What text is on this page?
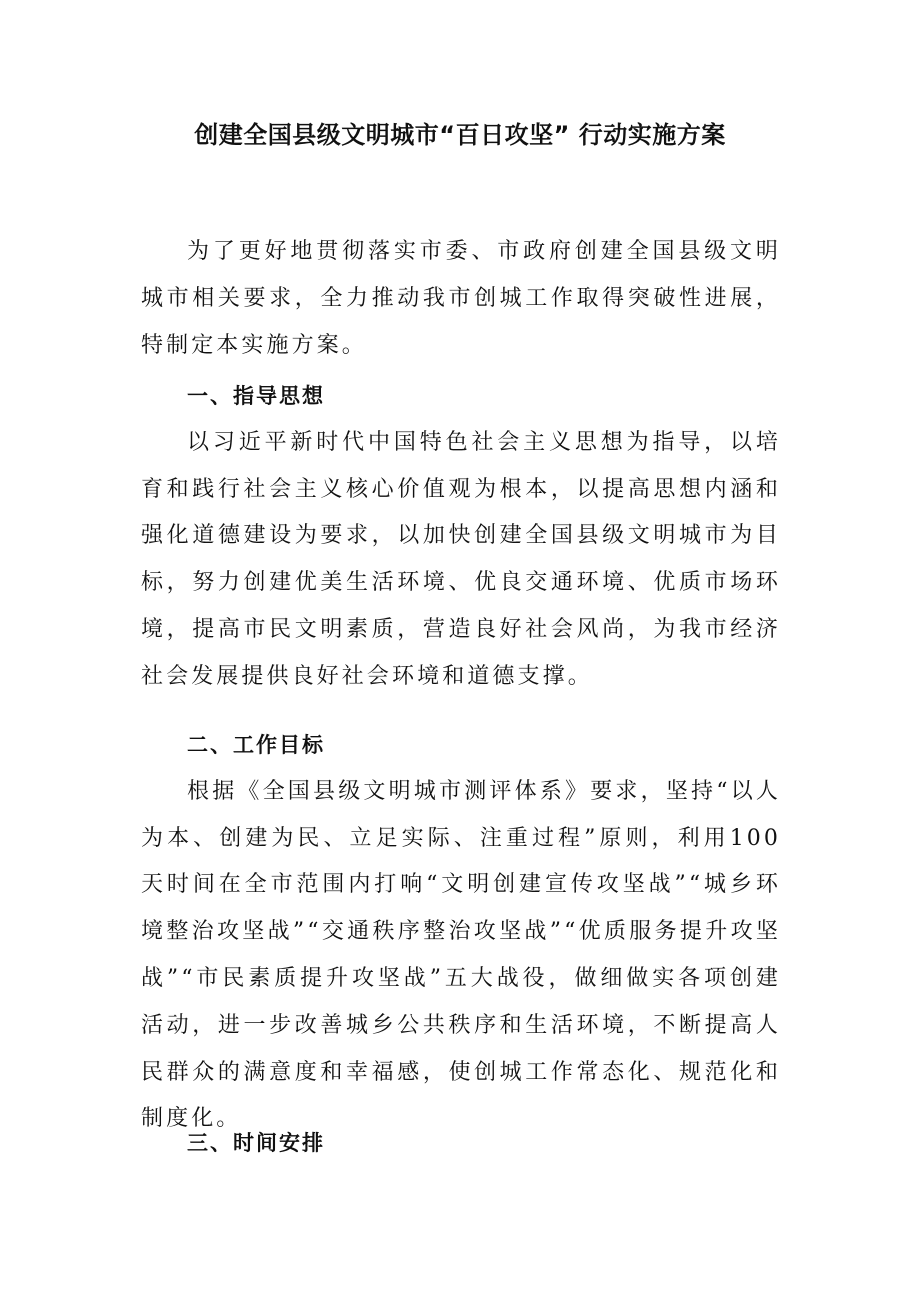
创建全国县级文明城市“百日攻坚” 行动实施方案

为了更好地贯彻落实市委、市政府创建全国县级文明城市相关要求，全力推动我市创城工作取得突破性进展，特制定本实施方案。

一、指导思想

以习近平新时代中国特色社会主义思想为指导，以培育和践行社会主义核心价值观为根本，以提高思想内涵和强化道德建设为要求，以加快创建全国县级文明城市为目标，努力创建优美生活环境、优良交通环境、优质市场环境，提高市民文明素质，营造良好社会风尚，为我市经济社会发展提供良好社会环境和道德支撑。

二、工作目标

根据《全国县级文明城市测评体系》要求，坚持“以人为本、创建为民、立足实际、注重过程”原则，利用100天时间在全市范围内打响“文明创建宣传攻坚战”“城乡环境整治攻坚战”“交通秩序整治攻坚战”“优质服务提升攻坚战”“市民素质提升攻坚战”五大战役，做细做实各项创建活动，进一步改善城乡公共秩序和生活环境，不断提高人民群众的满意度和幸福感，使创城工作常态化、规范化和制度化。

三、时间安排
